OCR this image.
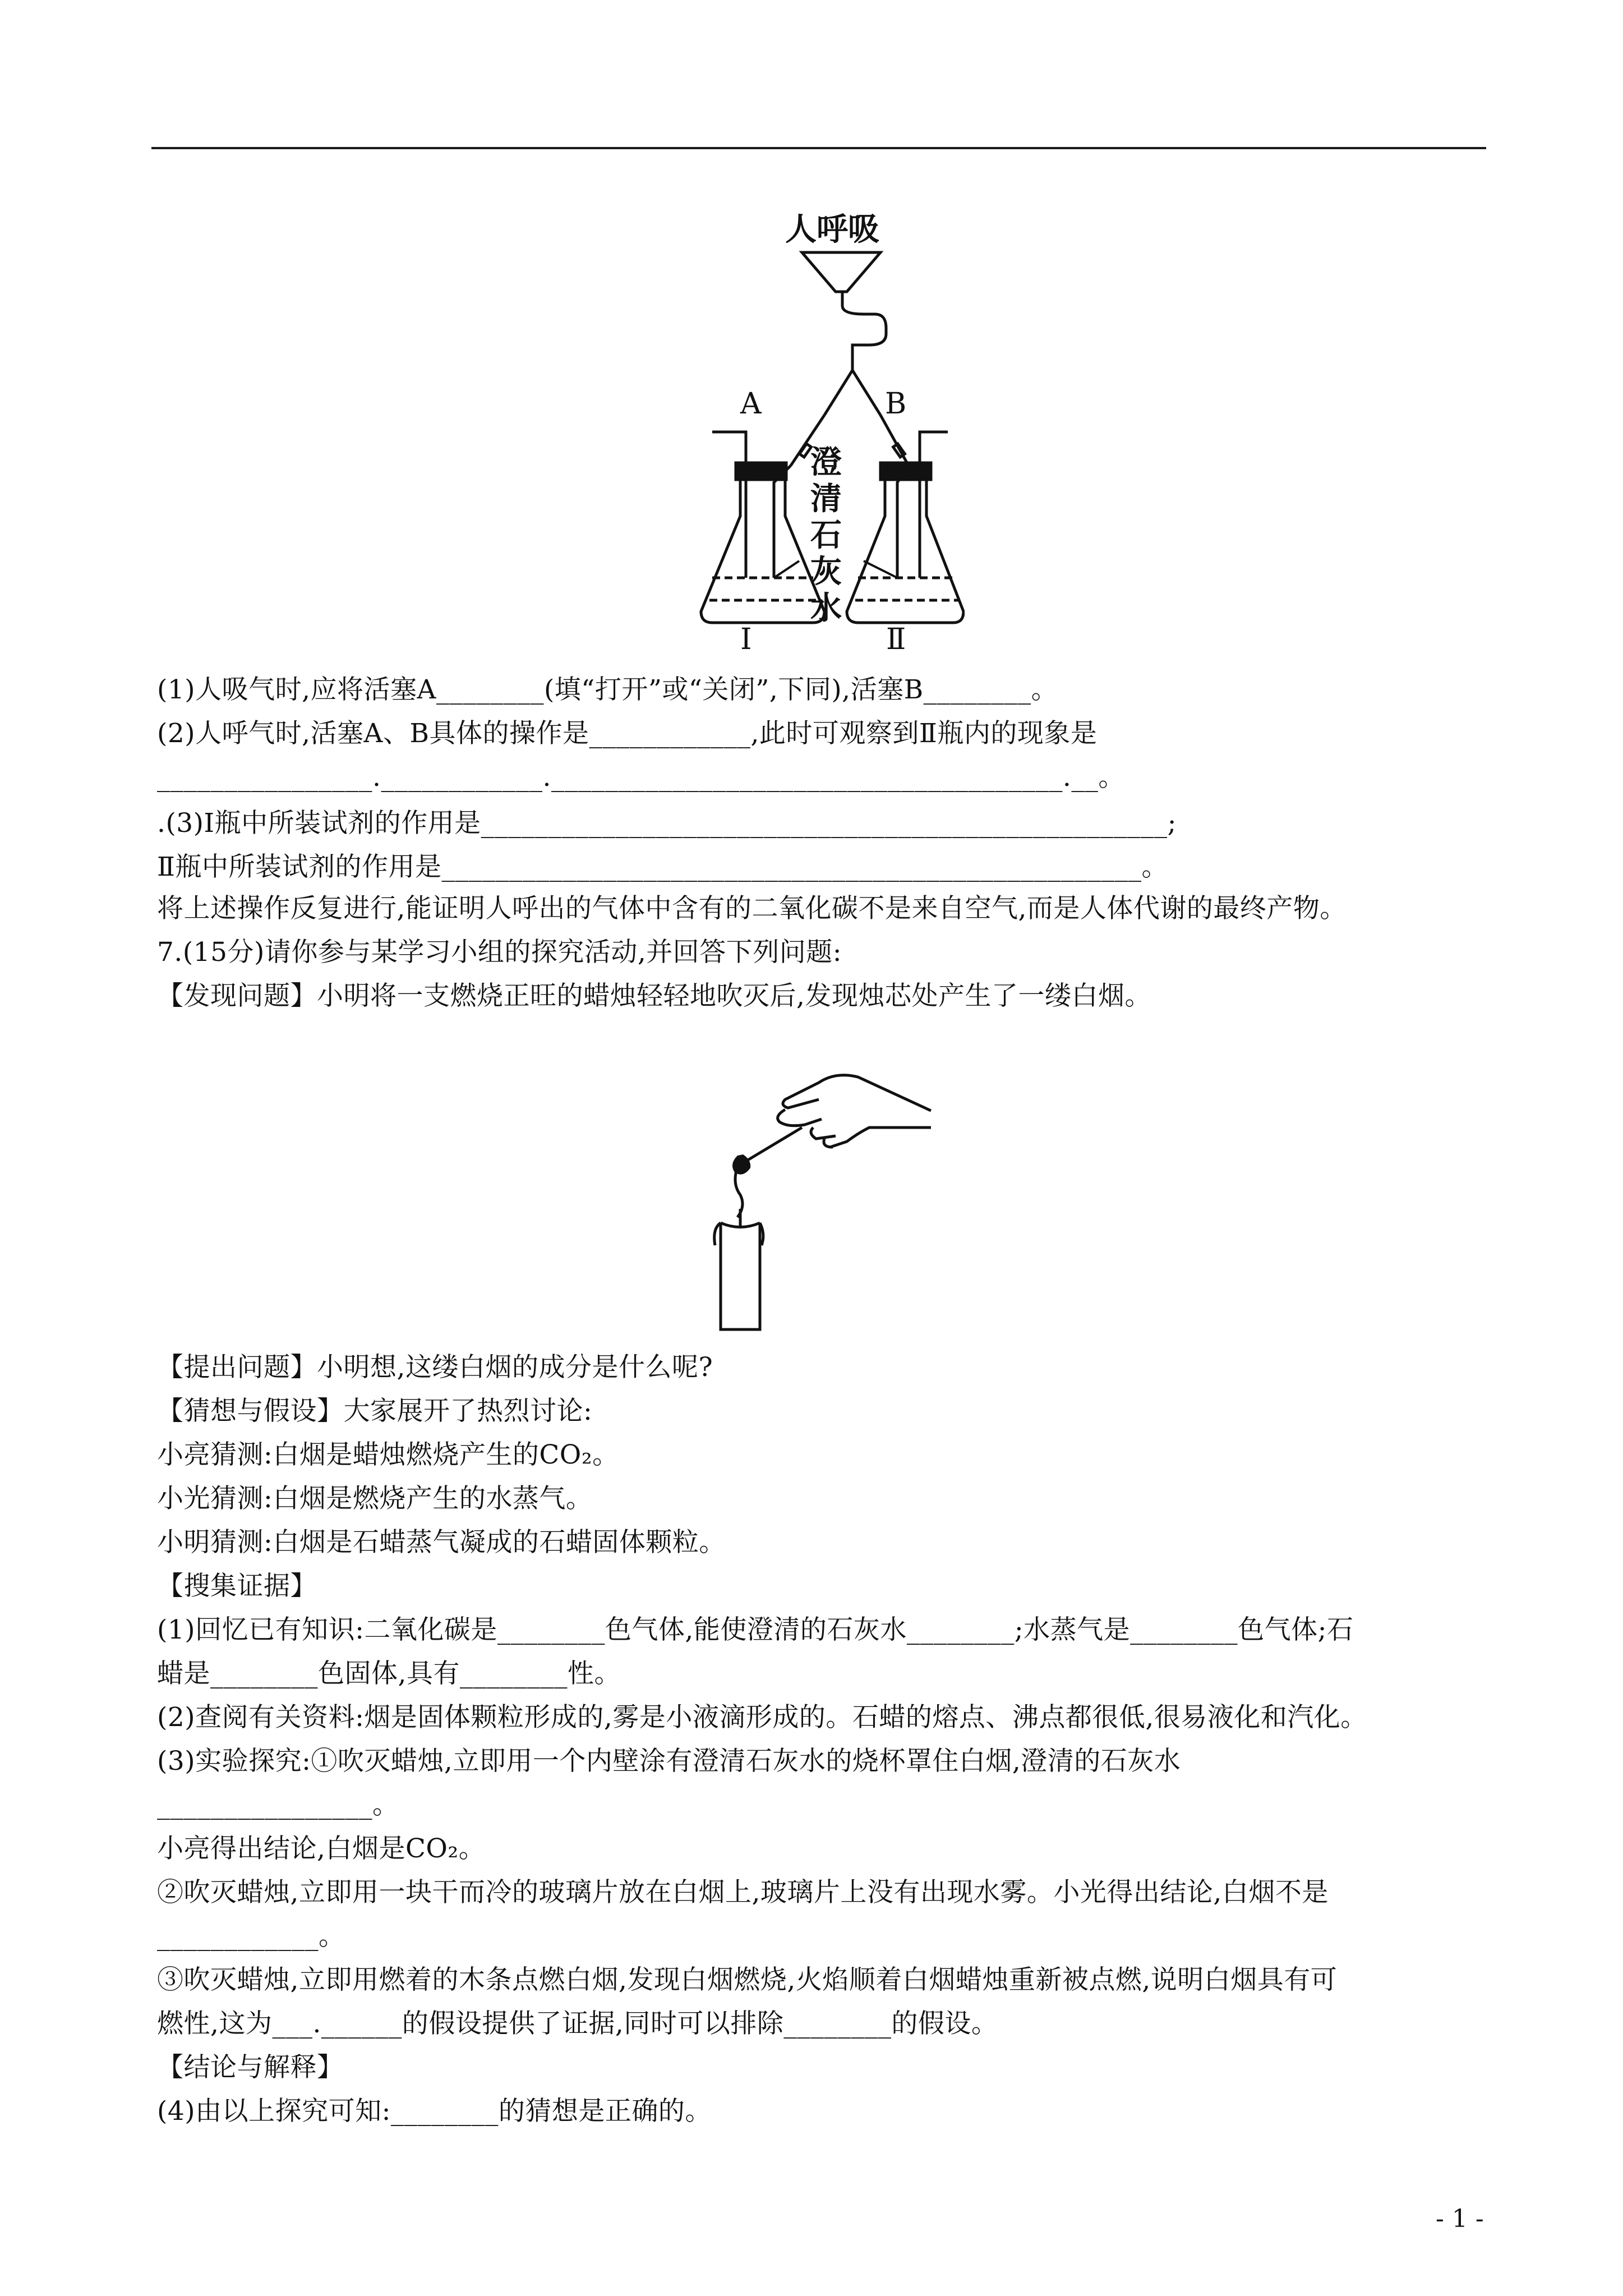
人呼吸
A	B
澄
清
石
灰
水
Ⅰ	Ⅱ
(1)人吸气时,应将活塞A________(填“打开”或“关闭”,下同),活塞B________。
(2)人呼气时,活塞A、B具体的操作是____________,此时可观察到Ⅱ瓶内的现象是
________________.____________.______________________________________.__。
.(3)Ⅰ瓶中所装试剂的作用是___________________________________________________;
Ⅱ瓶中所装试剂的作用是____________________________________________________。
将上述操作反复进行,能证明人呼出的气体中含有的二氧化碳不是来自空气,而是人体代谢的最终产物。
7.(15分)请你参与某学习小组的探究活动,并回答下列问题:
【发现问题】小明将一支燃烧正旺的蜡烛轻轻地吹灭后,发现烛芯处产生了一缕白烟。
【提出问题】小明想,这缕白烟的成分是什么呢?
【猜想与假设】大家展开了热烈讨论:
小亮猜测:白烟是蜡烛燃烧产生的CO₂。
小光猜测:白烟是燃烧产生的水蒸气。
小明猜测:白烟是石蜡蒸气凝成的石蜡固体颗粒。
【搜集证据】
(1)回忆已有知识:二氧化碳是________色气体,能使澄清的石灰水________;水蒸气是________色气体;石
蜡是________色固体,具有________性。
(2)查阅有关资料:烟是固体颗粒形成的,雾是小液滴形成的。石蜡的熔点、沸点都很低,很易液化和汽化。
(3)实验探究:①吹灭蜡烛,立即用一个内壁涂有澄清石灰水的烧杯罩住白烟,澄清的石灰水
________________。
小亮得出结论,白烟是CO₂。
②吹灭蜡烛,立即用一块干而冷的玻璃片放在白烟上,玻璃片上没有出现水雾。小光得出结论,白烟不是
____________。
③吹灭蜡烛,立即用燃着的木条点燃白烟,发现白烟燃烧,火焰顺着白烟蜡烛重新被点燃,说明白烟具有可
燃性,这为___.______的假设提供了证据,同时可以排除________的假设。
【结论与解释】
(4)由以上探究可知:________的猜想是正确的。
- 1 -
